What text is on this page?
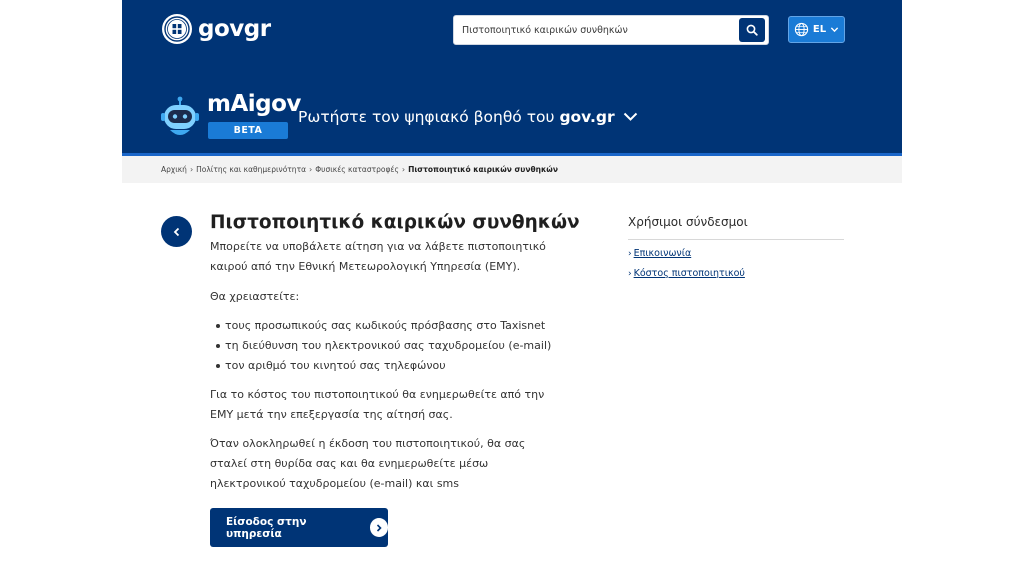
govgr
Πιστοποιητικό καιρικών συνθηκών	EL
mAigov
BETA
Ρωτήστε τον ψηφιακό βοηθό του gov.gr
Αρχική › Πολίτης και καθημερινότητα › Φυσικές καταστροφές › Πιστοποιητικό καιρικών συνθηκών
Πιστοποιητικό καιρικών συνθηκών

Μπορείτε να υποβάλετε αίτηση για να λάβετε πιστοποιητικό καιρού από την Εθνική Μετεωρολογική Υπηρεσία (ΕΜΥ).

Θα χρειαστείτε:

τους προσωπικούς σας κωδικούς πρόσβασης στο Taxisnet
τη διεύθυνση του ηλεκτρονικού σας ταχυδρομείου (e-mail)
τον αριθμό του κινητού σας τηλεφώνου

Για το κόστος του πιστοποιητικού θα ενημερωθείτε από την ΕΜΥ μετά την επεξεργασία της αίτησή σας.

Όταν ολοκληρωθεί η έκδοση του πιστοποιητικού, θα σας σταλεί στη θυρίδα σας και θα ενημερωθείτε μέσω ηλεκτρονικού ταχυδρομείου (e-mail) και sms

Είσοδος στην υπηρεσία
Χρήσιμοι σύνδεσμοι
› Επικοινωνία
› Κόστος πιστοποιητικού
